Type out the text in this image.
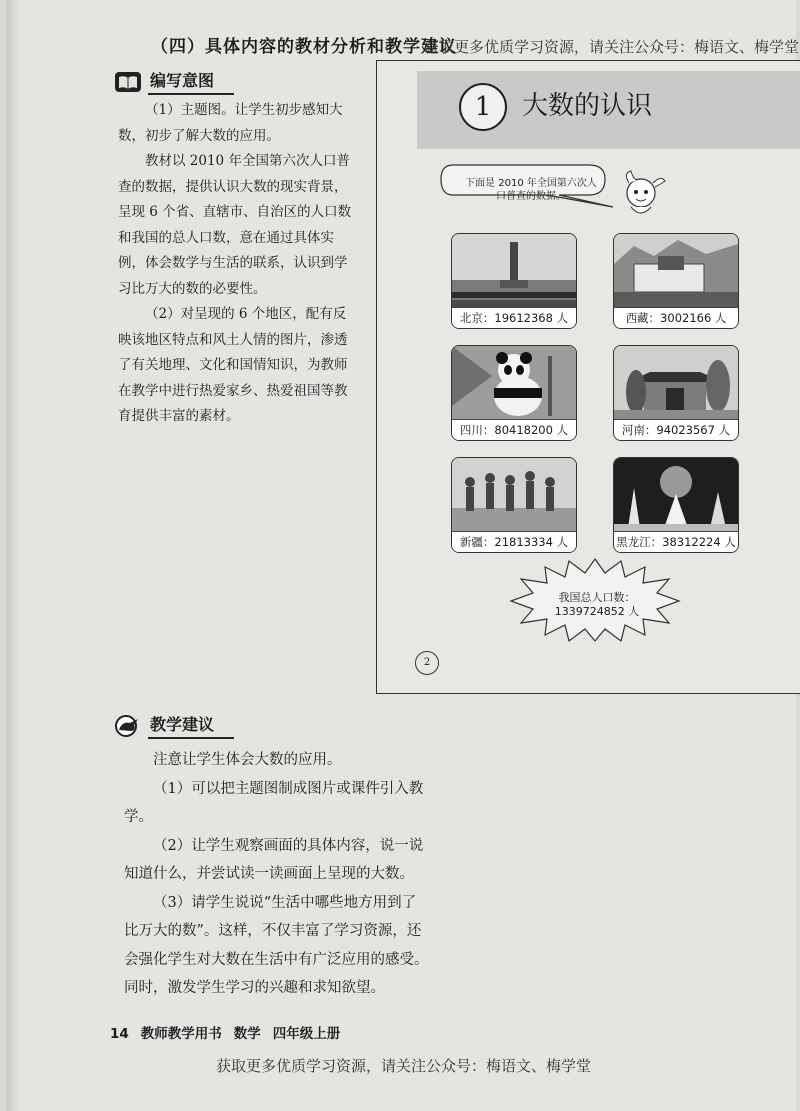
（四）具体内容的教材分析和教学建议
获取更多优质学习资源，请关注公众号：梅语文、梅学堂
编写意图

（1）主题图。让学生初步感知大数，初步了解大数的应用。

教材以 2010 年全国第六次人口普查的数据，提供认识大数的现实背景，呈现 6 个省、直辖市、自治区的人口数和我国的总人口数，意在通过具体实例，体会数学与生活的联系，认识到学习比万大的数的必要性。

（2）对呈现的 6 个地区，配有反映该地区特点和风土人情的图片，渗透了有关地理、文化和国情知识，为教师在教学中进行热爱家乡、热爱祖国等教育提供丰富的素材。

1	大数的认识
下面是 2010 年全国第六次人口普查的数据。
北京：19612368 人	西藏：3002166 人
四川：80418200 人	河南：94023567 人
新疆：21813334 人	黑龙江：38312224 人
我国总人口数：
1339724852 人
2
教学建议

注意让学生体会大数的应用。

（1）可以把主题图制成图片或课件引入教学。

（2）让学生观察画面的具体内容，说一说知道什么，并尝试读一读画面上呈现的大数。

（3）请学生说说“生活中哪些地方用到了比万大的数”。这样，不仅丰富了学习资源，还会强化学生对大数在生活中有广泛应用的感受。同时，激发学生学习的兴趣和求知欲望。

14 教师教学用书 数学 四年级上册
获取更多优质学习资源，请关注公众号：梅语文、梅学堂
